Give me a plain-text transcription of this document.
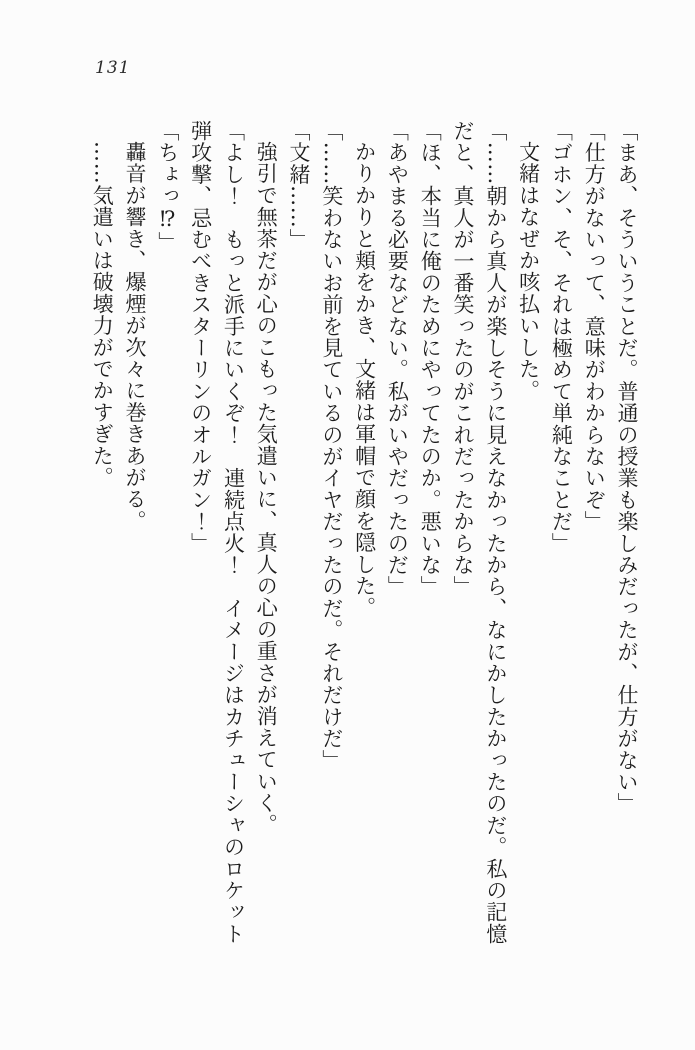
131

「まあ、そういうことだ。普通の授業も楽しみだったが、仕方がない」

「仕方がないって、意味がわからないぞ」

「ゴホン、そ、それは極めて単純なことだ」

文緒はなぜか咳払いした。

「……朝から真人が楽しそうに見えなかったから、なにかしたかったのだ。私の記憶だと、真人が一番笑ったのがこれだったからな」

「ほ、本当に俺のためにやってたのか。悪いな」

「あやまる必要などない。私がいやだったのだ」

かりかりと頬をかき、文緒は軍帽で顔を隠した。

「……笑わないお前を見ているのがイヤだったのだ。それだけだ」

「文緒……」

強引で無茶だが心のこもった気遣いに、真人の心の重さが消えていく。

「よし！　もっと派手にいくぞ！　連続点火！　イメージはカチューシャのロケット弾攻撃、忌むべきスターリンのオルガン！」

「ちょっ⁉」

轟音が響き、爆煙が次々に巻きあがる。

……気遣いは破壊力がでかすぎた。
